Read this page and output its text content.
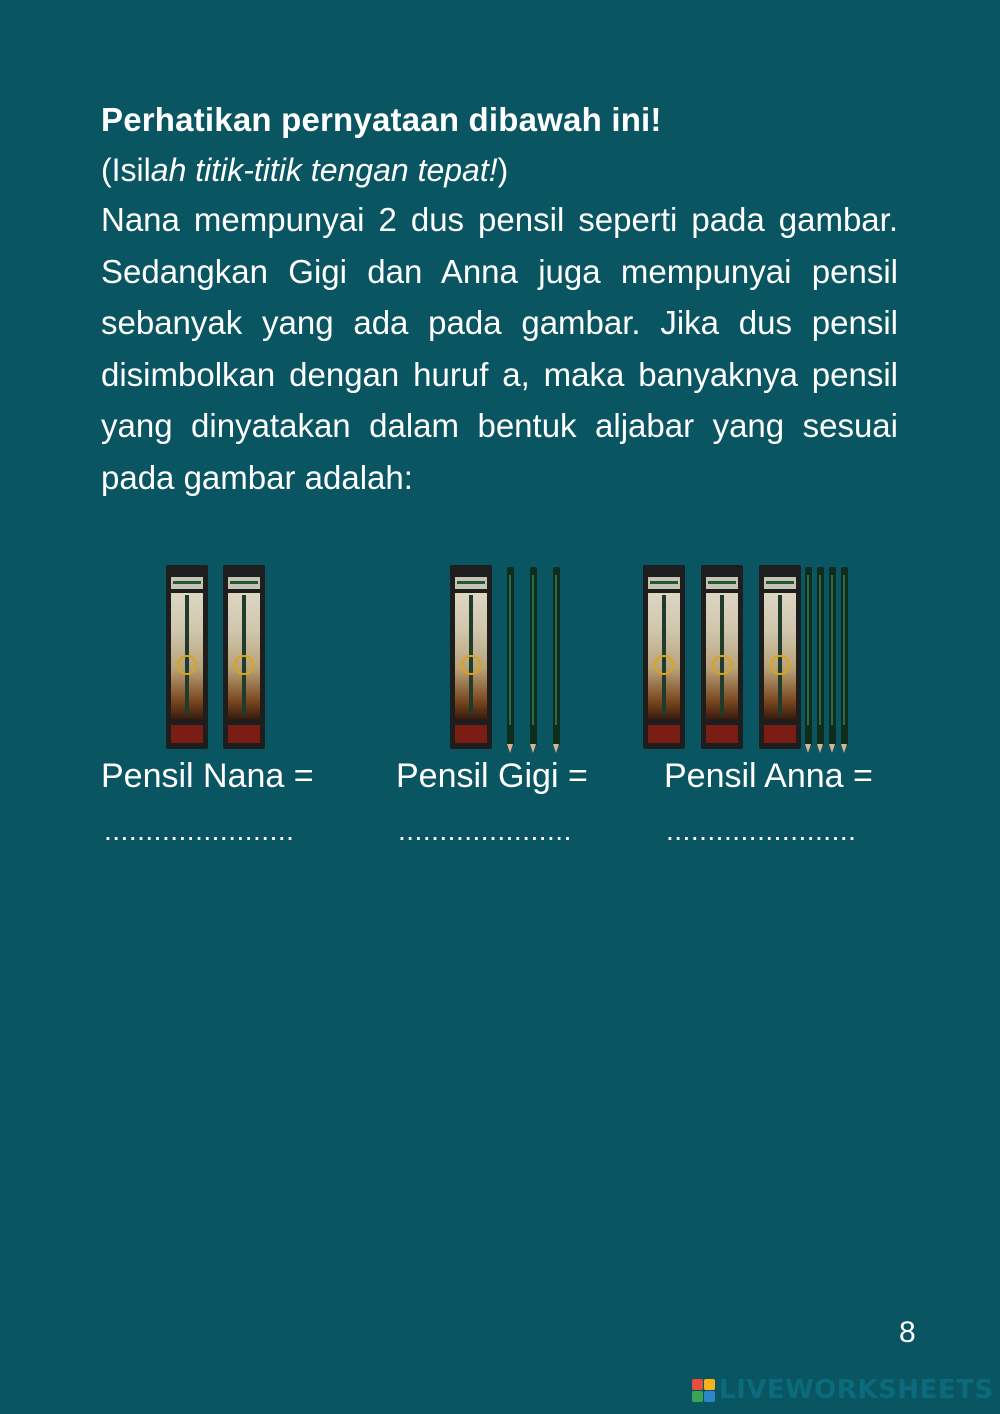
Perhatikan pernyataan dibawah ini!
(Isilah titik-titik tengan tepat!)
Nana mempunyai 2 dus pensil seperti pada gambar. Sedangkan Gigi dan Anna juga mempunyai pensil sebanyak yang ada pada gambar. Jika dus pensil disimbolkan dengan huruf a, maka banyaknya pensil yang dinyatakan dalam bentuk aljabar yang sesuai pada gambar adalah:
Pensil Nana = Pensil Gigi = Pensil Anna =
.......................	.....................	.......................
8
LIVEWORKSHEETS
